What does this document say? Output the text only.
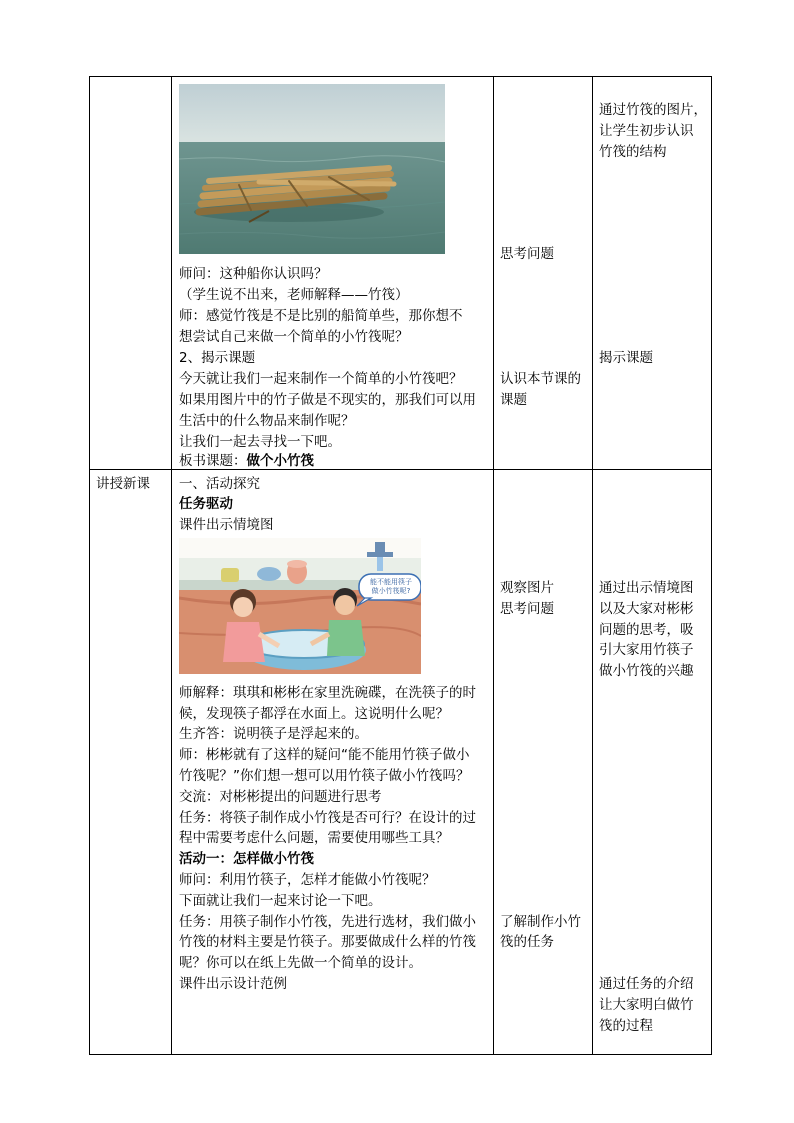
师问：这种船你认识吗？
（学生说不出来，老师解释——竹筏）
师：感觉竹筏是不是比别的船简单些，那你想不
想尝试自己来做一个简单的小竹筏呢？
2、揭示课题
今天就让我们一起来制作一个简单的小竹筏吧？
如果用图片中的竹子做是不现实的，那我们可以用
生活中的什么物品来制作呢？
让我们一起去寻找一下吧。
板书课题：做个小竹筏
思考问题
认识本节课的
课题
通过竹筏的图片，
让学生初步认识
竹筏的结构
揭示课题
讲授新课 一、活动探究
任务驱动
课件出示情境图
能不能用筷子
做小竹筏呢?
师解释：琪琪和彬彬在家里洗碗碟，在洗筷子的时
候，发现筷子都浮在水面上。这说明什么呢？
生齐答：说明筷子是浮起来的。
师：彬彬就有了这样的疑问“能不能用竹筷子做小
竹筏呢？”你们想一想可以用竹筷子做小竹筏吗？
交流：对彬彬提出的问题进行思考
任务：将筷子制作成小竹筏是否可行？在设计的过
程中需要考虑什么问题，需要使用哪些工具？
活动一：怎样做小竹筏
师问：利用竹筷子，怎样才能做小竹筏呢？
下面就让我们一起来讨论一下吧。
任务：用筷子制作小竹筏，先进行选材，我们做小
竹筏的材料主要是竹筷子。那要做成什么样的竹筏
呢？你可以在纸上先做一个简单的设计。
课件出示设计范例
观察图片
思考问题
了解制作小竹
筏的任务
通过出示情境图
以及大家对彬彬
问题的思考，吸
引大家用竹筷子
做小竹筏的兴趣
通过任务的介绍
让大家明白做竹
筏的过程
